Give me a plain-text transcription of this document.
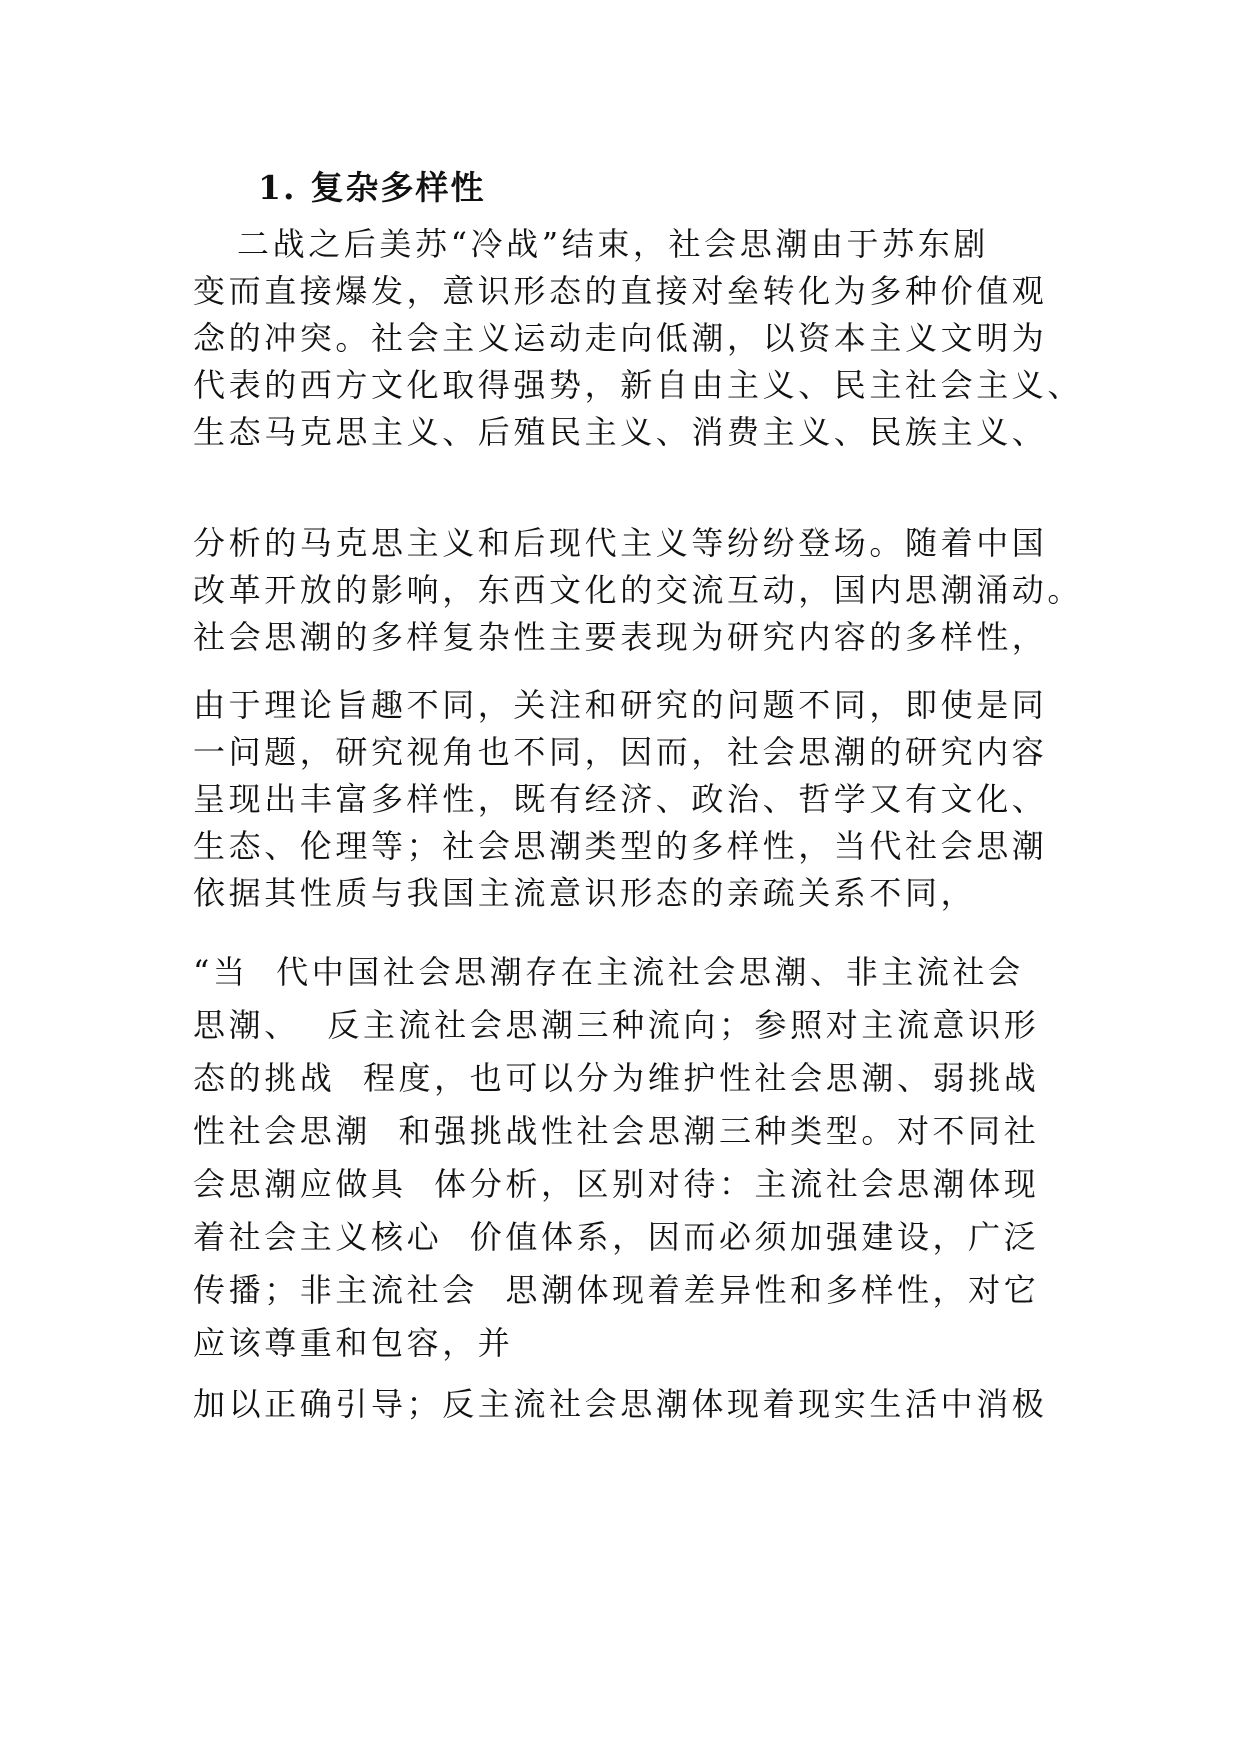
1. 复杂多样性
二战之后美苏“冷战”结束，社会思潮由于苏东剧
变而直接爆发，意识形态的直接对垒转化为多种价值观
念的冲突。社会主义运动走向低潮，以资本主义文明为
代表的西方文化取得强势，新自由主义、民主社会主义、
生态马克思主义、后殖民主义、消费主义、民族主义、
分析的马克思主义和后现代主义等纷纷登场。随着中国
改革开放的影响，东西文化的交流互动，国内思潮涌动。
社会思潮的多样复杂性主要表现为研究内容的多样性，
由于理论旨趣不同，关注和研究的问题不同，即使是同
一问题，研究视角也不同，因而，社会思潮的研究内容
呈现出丰富多样性，既有经济、政治、哲学又有文化、
生态、伦理等；社会思潮类型的多样性，当代社会思潮
依据其性质与我国主流意识形态的亲疏关系不同，
“当  代中国社会思潮存在主流社会思潮、非主流社会
思潮、  反主流社会思潮三种流向；参照对主流意识形
态的挑战  程度，也可以分为维护性社会思潮、弱挑战
性社会思潮  和强挑战性社会思潮三种类型。对不同社
会思潮应做具  体分析，区别对待：主流社会思潮体现
着社会主义核心  价值体系，因而必须加强建设，广泛
传播；非主流社会  思潮体现着差异性和多样性，对它
应该尊重和包容，并
加以正确引导；反主流社会思潮体现着现实生活中消极
